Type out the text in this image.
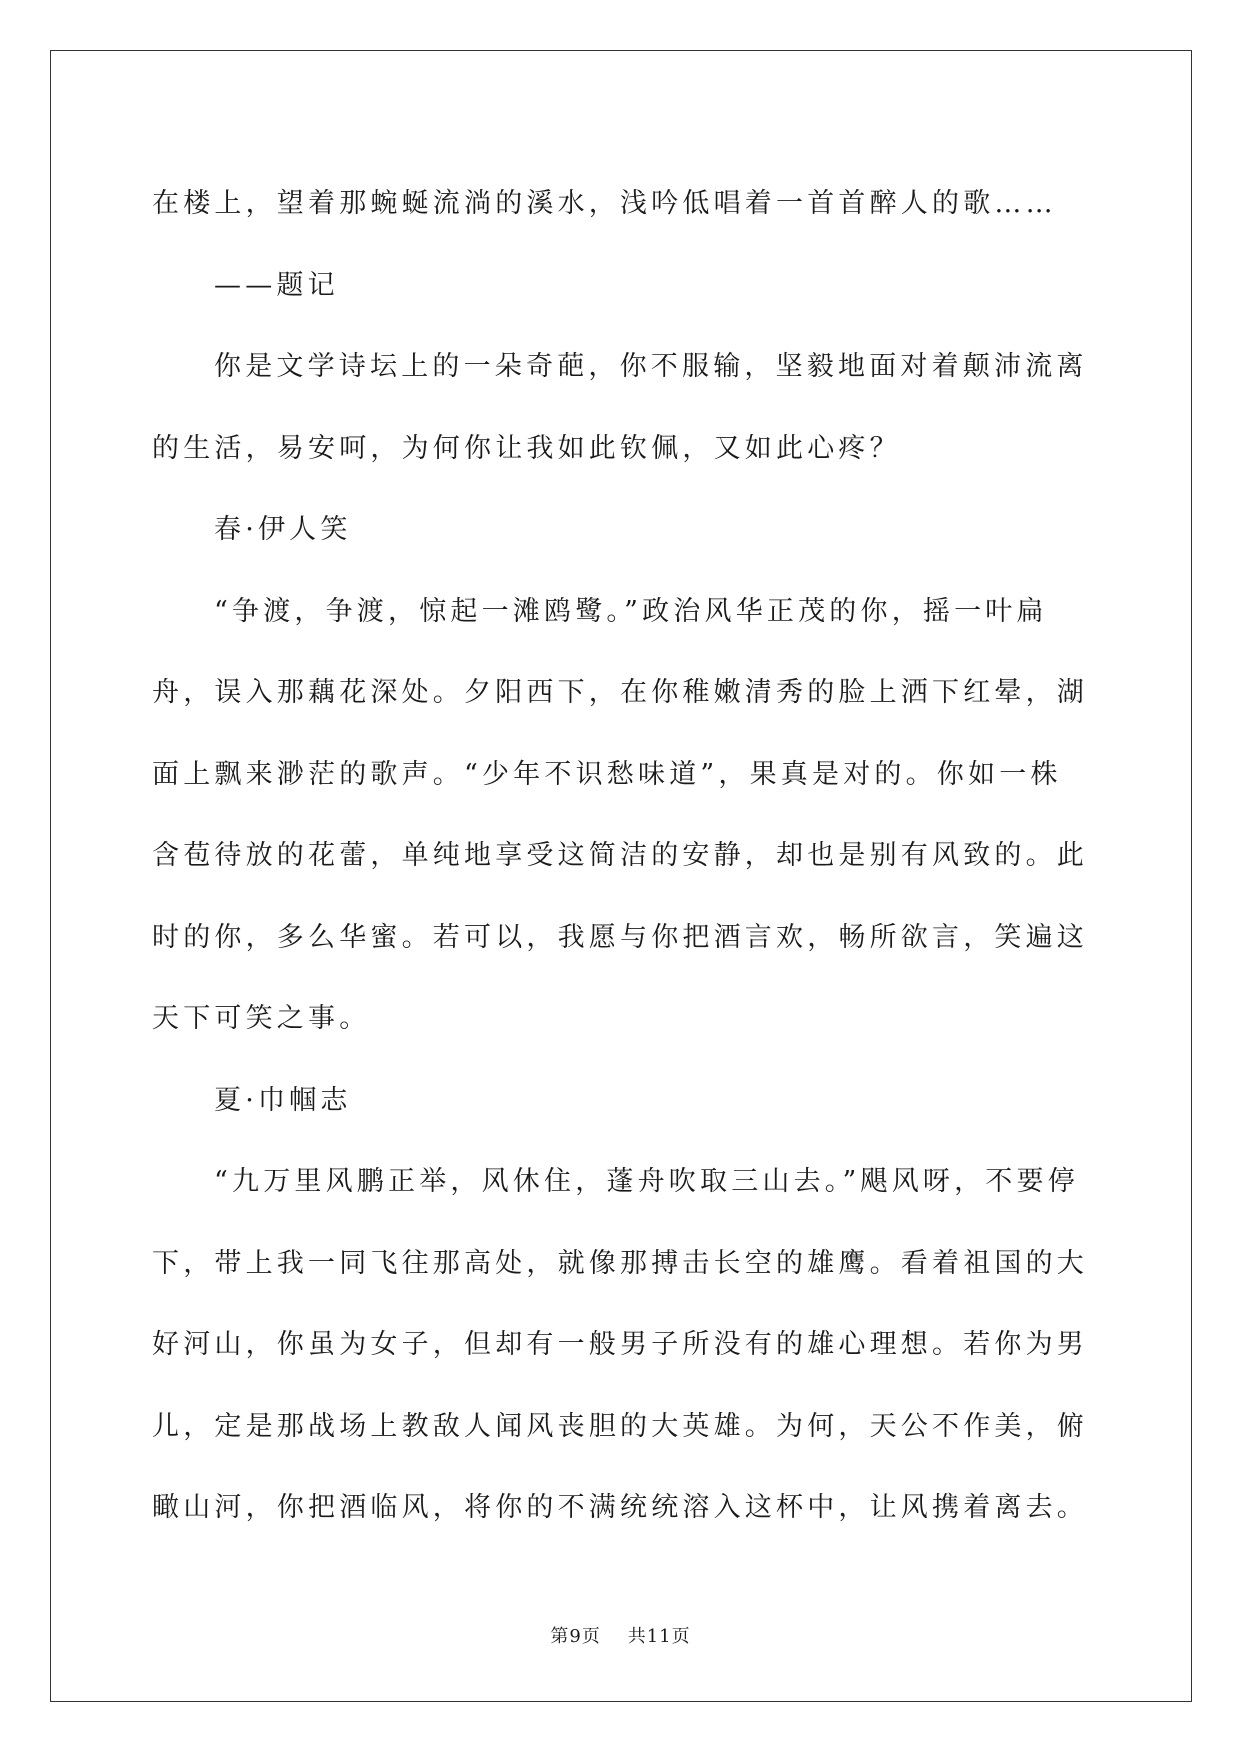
在楼上，望着那蜿蜒流淌的溪水，浅吟低唱着一首首醉人的歌……

——题记

你是文学诗坛上的一朵奇葩，你不服输，坚毅地面对着颠沛流离的生活，易安呵，为何你让我如此钦佩，又如此心疼？

春·伊人笑

“争渡，争渡，惊起一滩鸥鹭。”政治风华正茂的你，摇一叶扁舟，误入那藕花深处。夕阳西下，在你稚嫩清秀的脸上洒下红晕，湖面上飘来渺茫的歌声。“少年不识愁味道”，果真是对的。你如一株含苞待放的花蕾，单纯地享受这简洁的安静，却也是别有风致的。此时的你，多么华蜜。若可以，我愿与你把酒言欢，畅所欲言，笑遍这天下可笑之事。

夏·巾帼志

“九万里风鹏正举，风休住，蓬舟吹取三山去。”飓风呀，不要停下，带上我一同飞往那高处，就像那搏击长空的雄鹰。看着祖国的大好河山，你虽为女子，但却有一般男子所没有的雄心理想。若你为男儿，定是那战场上教敌人闻风丧胆的大英雄。为何，天公不作美，俯瞰山河，你把酒临风，将你的不满统统溶入这杯中，让风携着离去。

第9页 共11页
